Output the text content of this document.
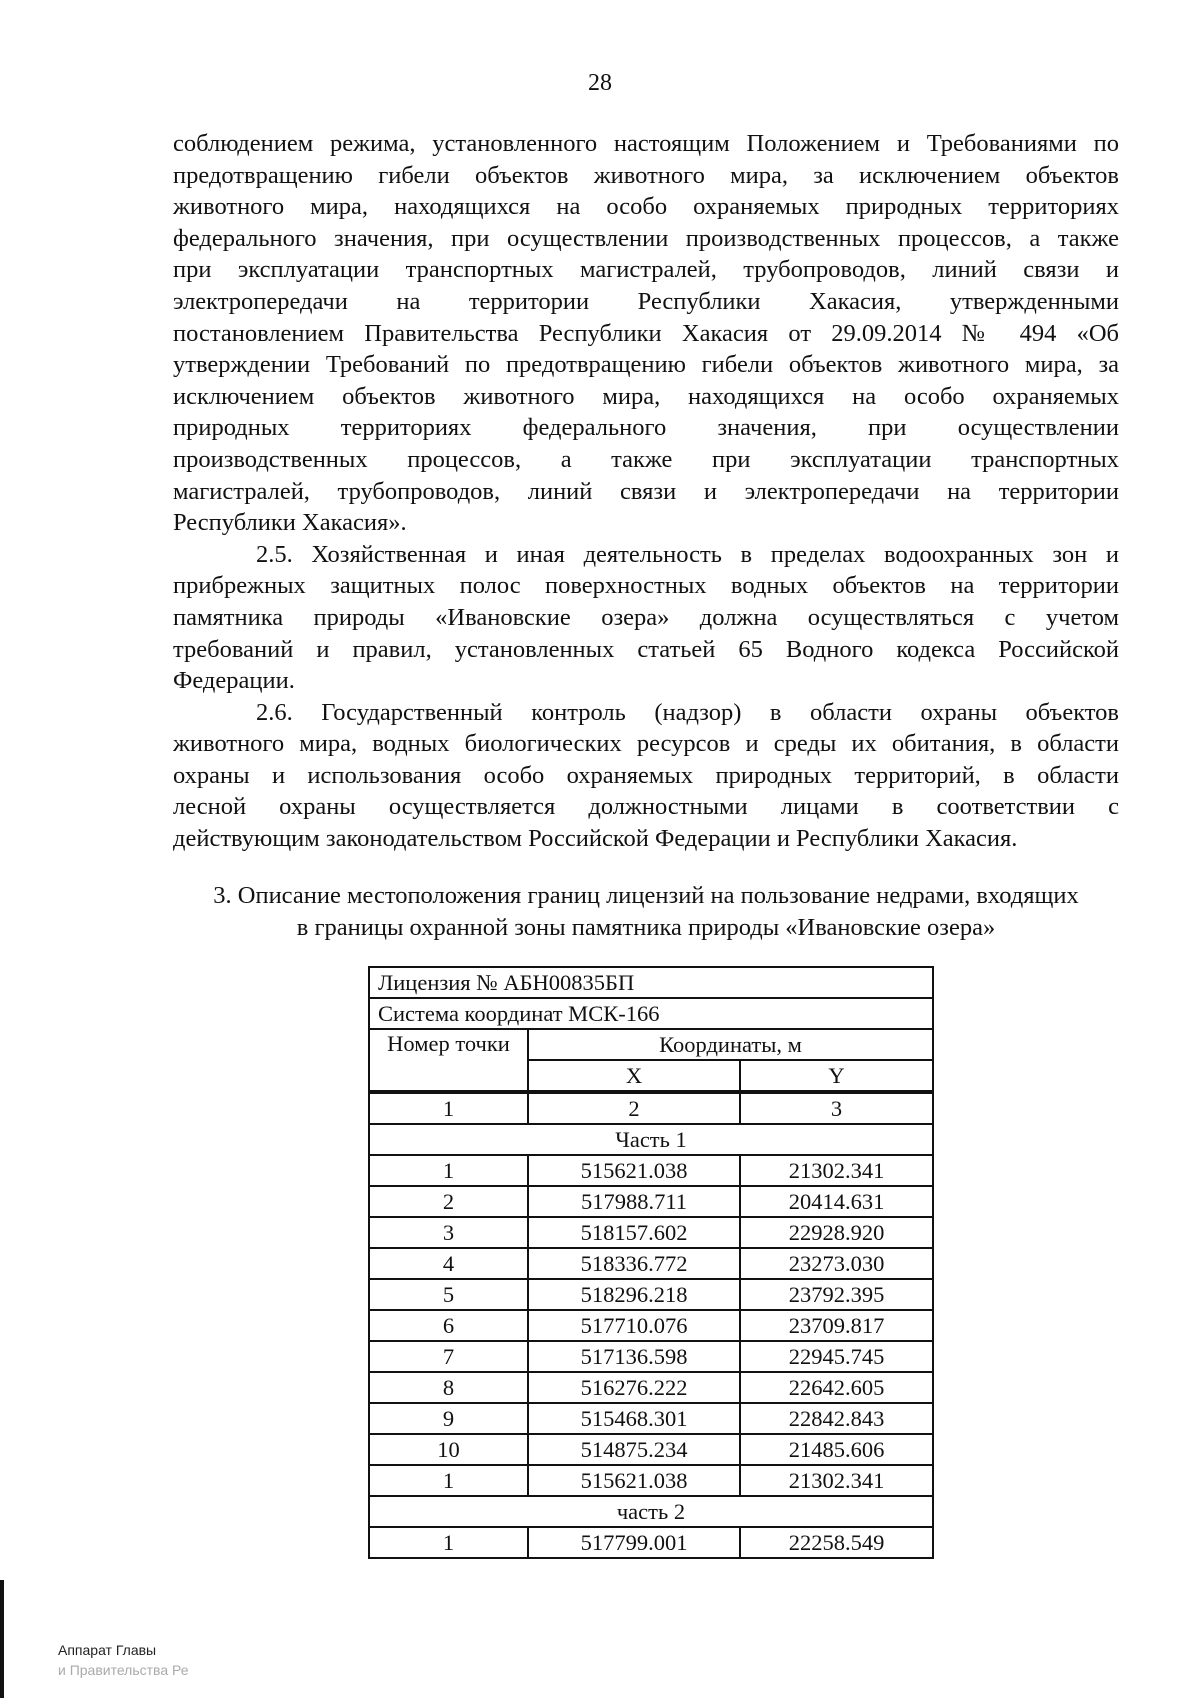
28
соблюдением режима, установленного настоящим Положением и Требованиями по
предотвращению гибели объектов животного мира, за исключением объектов
животного мира, находящихся на особо охраняемых природных территориях
федерального значения, при осуществлении производственных процессов, а также
при эксплуатации транспортных магистралей, трубопроводов, линий связи и
электропередачи на территории Республики Хакасия, утвержденными
постановлением Правительства Республики Хакасия от 29.09.2014 № 494 «Об
утверждении Требований по предотвращению гибели объектов животного мира, за
исключением объектов животного мира, находящихся на особо охраняемых
природных территориях федерального значения, при осуществлении
производственных процессов, а также при эксплуатации транспортных
магистралей, трубопроводов, линий связи и электропередачи на территории
Республики Хакасия».
2.5. Хозяйственная и иная деятельность в пределах водоохранных зон и
прибрежных защитных полос поверхностных водных объектов на территории
памятника природы «Ивановские озера» должна осуществляться с учетом
требований и правил, установленных статьей 65 Водного кодекса Российской
Федерации.
2.6. Государственный контроль (надзор) в области охраны объектов
животного мира, водных биологических ресурсов и среды их обитания, в области
охраны и использования особо охраняемых природных территорий, в области
лесной охраны осуществляется должностными лицами в соответствии с
действующим законодательством Российской Федерации и Республики Хакасия.
3. Описание местоположения границ лицензий на пользование недрами, входящих
в границы охранной зоны памятника природы «Ивановские озера»
Лицензия № АБН00835БП		
Система координат МСК-166		
Номер точки	Координаты, м	
	X	Y
1	2	3
Часть 1		
1	515621.038	21302.341
2	517988.711	20414.631
3	518157.602	22928.920
4	518336.772	23273.030
5	518296.218	23792.395
6	517710.076	23709.817
7	517136.598	22945.745
8	516276.222	22642.605
9	515468.301	22842.843
10	514875.234	21485.606
1	515621.038	21302.341
часть 2		
1	517799.001	22258.549
Аппарат Главы
и Правительства Ре
